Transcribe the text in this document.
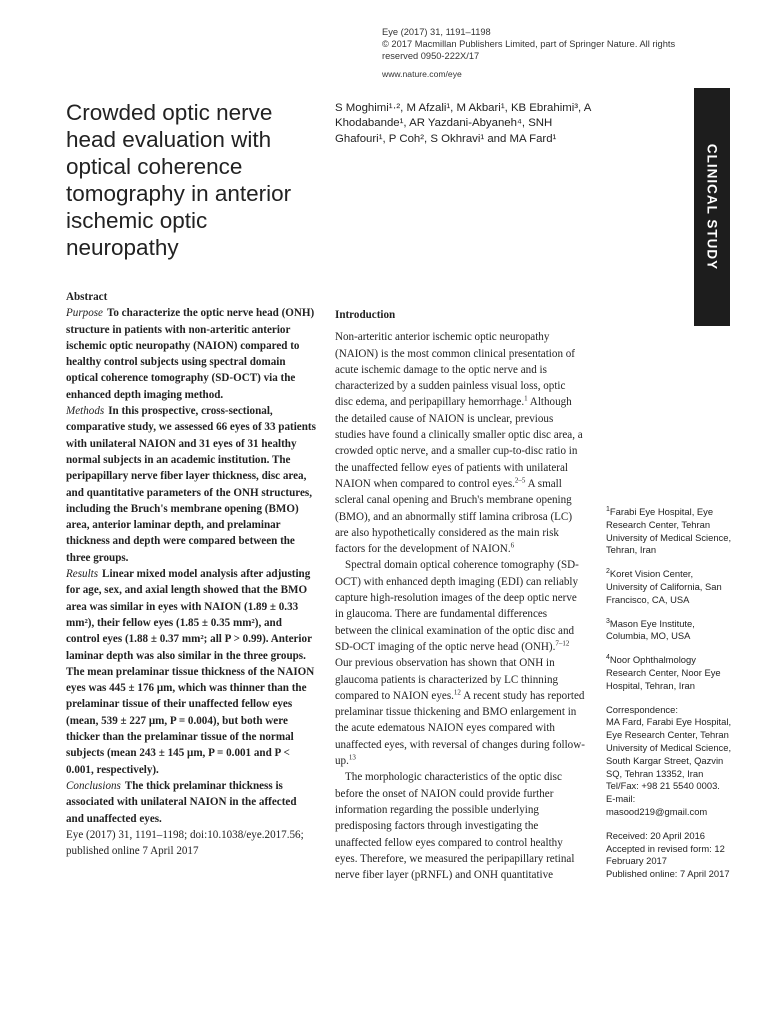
Eye (2017) 31, 1191–1198
© 2017 Macmillan Publishers Limited, part of Springer Nature. All rights reserved 0950-222X/17
www.nature.com/eye
Crowded optic nerve head evaluation with optical coherence tomography in anterior ischemic optic neuropathy
S Moghimi¹·², M Afzali¹, M Akbari¹, KB Ebrahimi³, A Khodabande¹, AR Yazdani-Abyaneh⁴, SNH Ghafouri¹, P Coh², S Okhravi¹ and MA Fard¹
CLINICAL STUDY
Abstract

Purpose To characterize the optic nerve head (ONH) structure in patients with non-arteritic anterior ischemic optic neuropathy (NAION) compared to healthy control subjects using spectral domain optical coherence tomography (SD-OCT) via the enhanced depth imaging method.

Methods In this prospective, cross-sectional, comparative study, we assessed 66 eyes of 33 patients with unilateral NAION and 31 eyes of 31 healthy normal subjects in an academic institution. The peripapillary nerve fiber layer thickness, disc area, and quantitative parameters of the ONH structures, including the Bruch's membrane opening (BMO) area, anterior laminar depth, and prelaminar thickness and depth were compared between the three groups.

Results Linear mixed model analysis after adjusting for age, sex, and axial length showed that the BMO area was similar in eyes with NAION (1.89 ± 0.33 mm²), their fellow eyes (1.85 ± 0.35 mm²), and control eyes (1.88 ± 0.37 mm²; all P > 0.99). Anterior laminar depth was also similar in the three groups. The mean prelaminar tissue thickness of the NAION eyes was 445 ± 176 μm, which was thinner than the prelaminar tissue of their unaffected fellow eyes (mean, 539 ± 227 μm, P = 0.004), but both were thicker than the prelaminar tissue of the normal subjects (mean 243 ± 145 μm, P = 0.001 and P < 0.001, respectively).

Conclusions The thick prelaminar thickness is associated with unilateral NAION in the affected and unaffected eyes.

Eye (2017) 31, 1191–1198; doi:10.1038/eye.2017.56; published online 7 April 2017

Introduction

Non-arteritic anterior ischemic optic neuropathy (NAION) is the most common clinical presentation of acute ischemic damage to the optic nerve and is characterized by a sudden painless visual loss, optic disc edema, and peripapillary hemorrhage.$^1$ Although the detailed cause of NAION is unclear, previous studies have found a clinically smaller optic disc area, a crowded optic nerve, and a smaller cup-to-disc ratio in the unaffected fellow eyes of patients with unilateral NAION when compared to control eyes.$^{2-5}$ A small scleral canal opening and Bruch's membrane opening (BMO), and an abnormally stiff lamina cribrosa (LC) are also hypothetically considered as the main risk factors for the development of NAION.$^6$

Spectral domain optical coherence tomography (SD-OCT) with enhanced depth imaging (EDI) can reliably capture high-resolution images of the deep optic nerve in glaucoma. There are fundamental differences between the clinical examination of the optic disc and SD-OCT imaging of the optic nerve head (ONH).$^{7-12}$ Our previous observation has shown that ONH in glaucoma patients is characterized by LC thinning compared to NAION eyes.$^{12}$ A recent study has reported prelaminar tissue thickening and BMO enlargement in the acute edematous NAION eyes compared with unaffected eyes, with reversal of changes during follow-up.$^{13}$

The morphologic characteristics of the optic disc before the onset of NAION could provide further information regarding the possible underlying predisposing factors through investigating the unaffected fellow eyes compared to control healthy eyes. Therefore, we measured the peripapillary retinal nerve fiber layer (pRNFL) and ONH quantitative

$^1$Farabi Eye Hospital, Eye Research Center, Tehran University of Medical Science, Tehran, Iran
$^2$Koret Vision Center, University of California, San Francisco, CA, USA
$^3$Mason Eye Institute, Columbia, MO, USA
$^4$Noor Ophthalmology Research Center, Noor Eye Hospital, Tehran, Iran
Correspondence:
MA Fard, Farabi Eye Hospital, Eye Research Center, Tehran University of Medical Science, South Kargar Street, Qazvin SQ, Tehran 13352, Iran
Tel/Fax: +98 21 5540 0003.
E-mail: masood219@gmail.com
Received: 20 April 2016
Accepted in revised form: 12 February 2017
Published online: 7 April 2017
